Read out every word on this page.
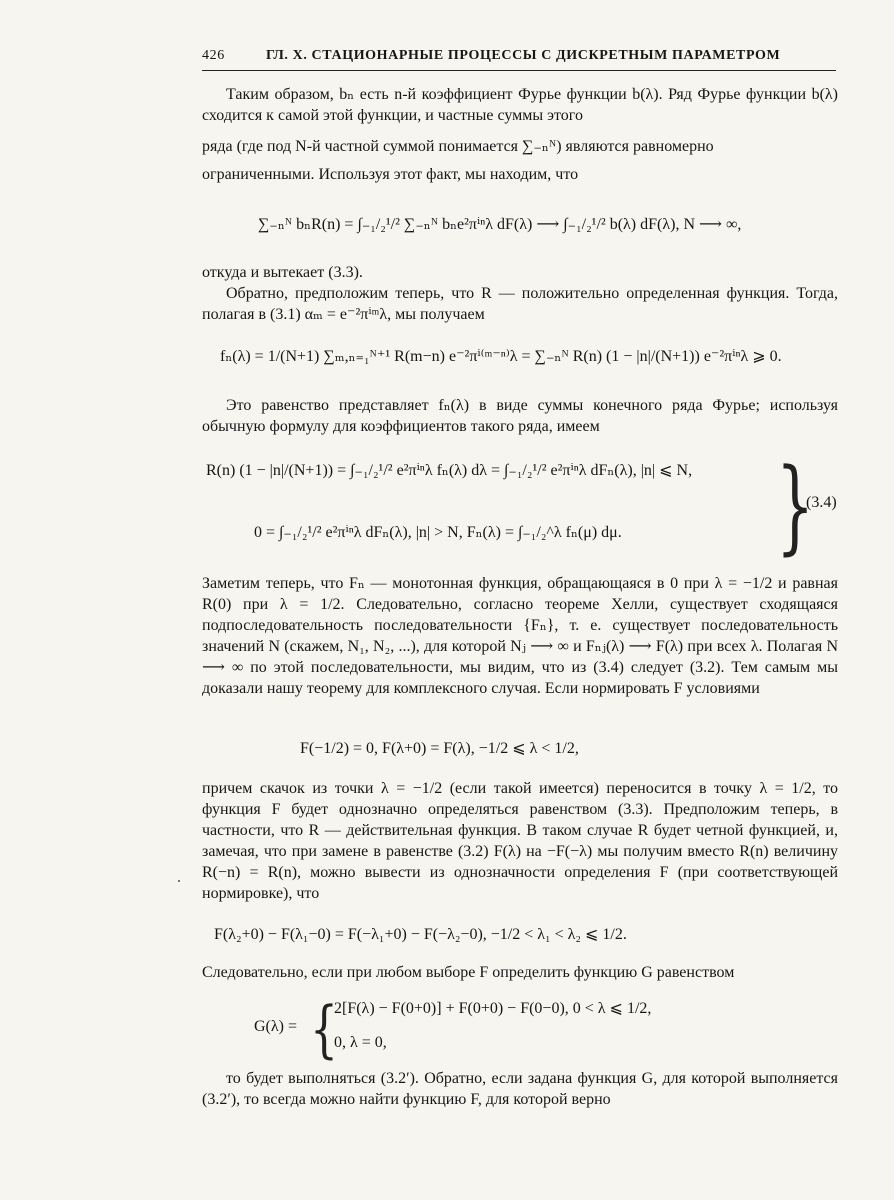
426	ГЛ. X. СТАЦИОНАРНЫЕ ПРОЦЕССЫ С ДИСКРЕТНЫМ ПАРАМЕТРОМ
Таким образом, bₙ есть n-й коэффициент Фурье функции b(λ). Ряд Фурье функции b(λ) сходится к самой этой функции, и частные суммы этого
ряда (где под N-й частной суммой понимается ∑₋ₙᴺ) являются равномерно
ограниченными. Используя этот факт, мы находим, что
∑₋ₙᴺ bₙR(n) = ∫₋₁/₂¹/² ∑₋ₙᴺ bₙe²πⁱⁿλ dF(λ) ⟶ ∫₋₁/₂¹/² b(λ) dF(λ), N ⟶ ∞,
откуда и вытекает (3.3).
Обратно, предположим теперь, что R — положительно определенная функция. Тогда, полагая в (3.1) αₘ = e⁻²πⁱᵐλ, мы получаем
fₙ(λ) = 1/(N+1) ∑ₘ,ₙ₌₁ᴺ⁺¹ R(m−n) e⁻²πⁱ⁽ᵐ⁻ⁿ⁾λ = ∑₋ₙᴺ R(n) (1 − |n|/(N+1)) e⁻²πⁱⁿλ ⩾ 0.
Это равенство представляет fₙ(λ) в виде суммы конечного ряда Фурье; используя обычную формулу для коэффициентов такого ряда, имеем
R(n) (1 − |n|/(N+1)) = ∫₋₁/₂¹/² e²πⁱⁿλ fₙ(λ) dλ = ∫₋₁/₂¹/² e²πⁱⁿλ dFₙ(λ), |n| ⩽ N,
0 = ∫₋₁/₂¹/² e²πⁱⁿλ dFₙ(λ), |n| > N, Fₙ(λ) = ∫₋₁/₂^λ fₙ(μ) dμ.	}
(3.4)
Заметим теперь, что Fₙ — монотонная функция, обращающаяся в 0 при λ = −1/2 и равная R(0) при λ = 1/2. Следовательно, согласно теореме Хелли, существует сходящаяся подпоследовательность последовательности {Fₙ}, т. е. существует последовательность значений N (скажем, N₁, N₂, ...), для которой Nⱼ ⟶ ∞ и Fₙⱼ(λ) ⟶ F(λ) при всех λ. Полагая N ⟶ ∞ по этой последовательности, мы видим, что из (3.4) следует (3.2). Тем самым мы доказали нашу теорему для комплексного случая. Если нормировать F условиями
F(−1/2) = 0, F(λ+0) = F(λ), −1/2 ⩽ λ < 1/2,
причем скачок из точки λ = −1/2 (если такой имеется) переносится в точку λ = 1/2, то функция F будет однозначно определяться равенством (3.3). Предположим теперь, в частности, что R — действительная функция. В таком случае R будет четной функцией, и, замечая, что при замене в равенстве (3.2) F(λ) на −F(−λ) мы получим вместо R(n) величину R(−n) = R(n), можно вывести из однозначности определения F (при соответствующей нормировке), что
F(λ₂+0) − F(λ₁−0) = F(−λ₁+0) − F(−λ₂−0), −1/2 < λ₁ < λ₂ ⩽ 1/2.
Следовательно, если при любом выборе F определить функцию G равенством
G(λ) = {
2[F(λ) − F(0+0)] + F(0+0) − F(0−0), 0 < λ ⩽ 1/2,
0, λ = 0,
то будет выполняться (3.2′). Обратно, если задана функция G, для которой выполняется (3.2′), то всегда можно найти функцию F, для которой верно
